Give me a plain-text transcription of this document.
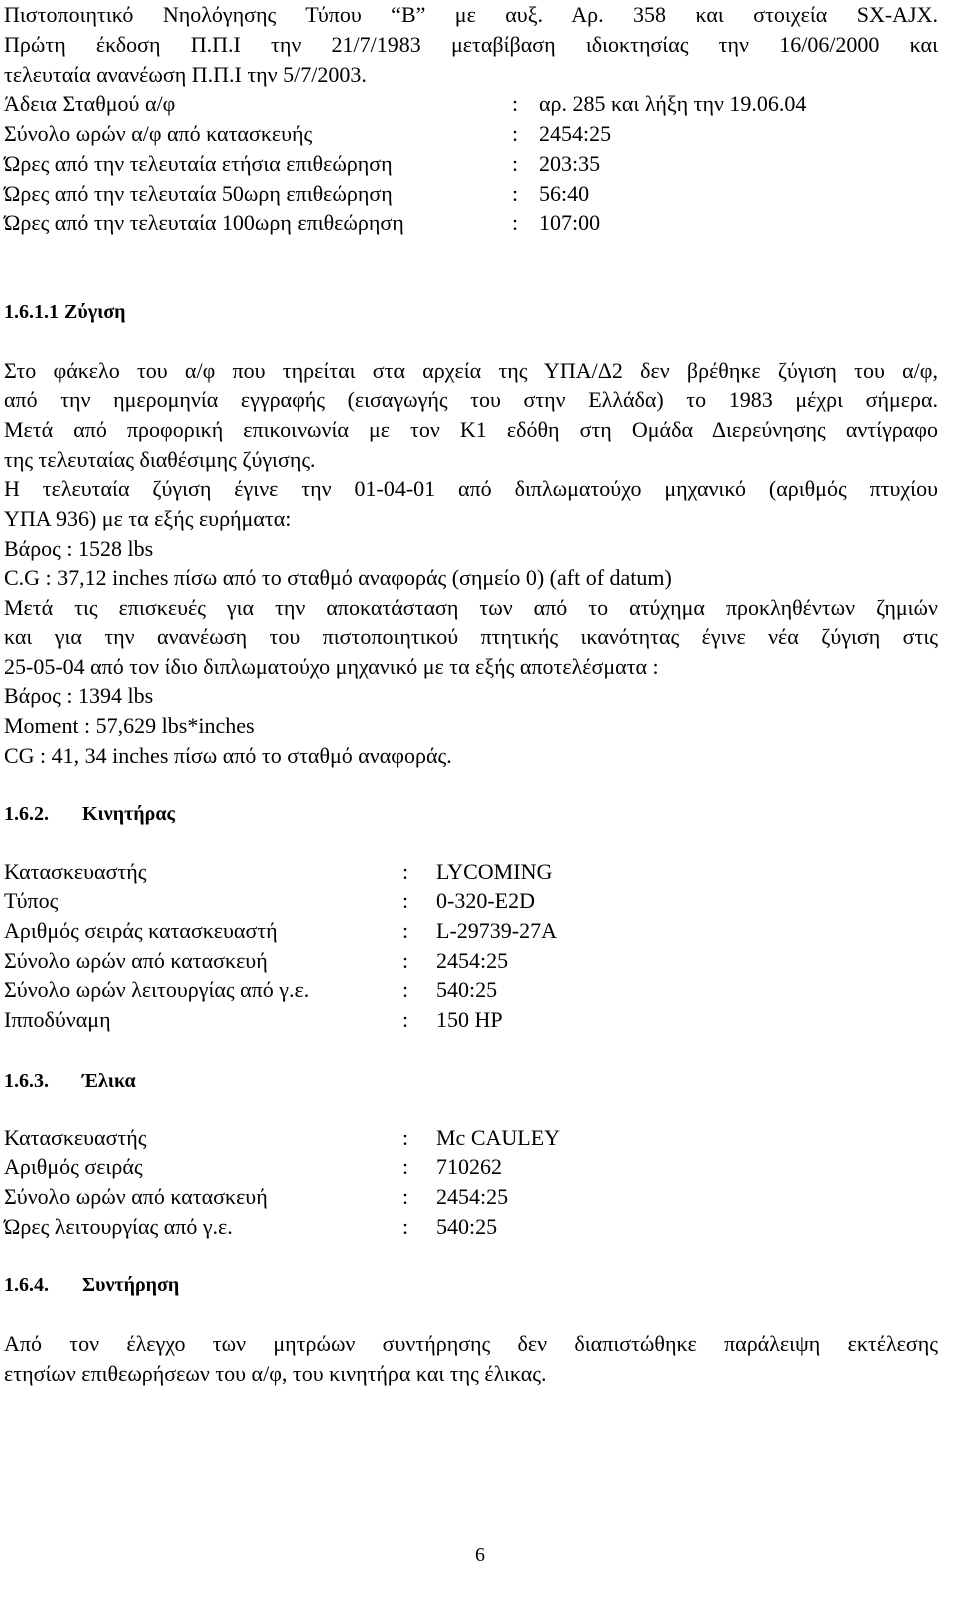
Πιστοποιητικό Νηολόγησης Τύπου “Β” με αυξ. Αρ. 358 και στοιχεία SX-AJX.
Πρώτη έκδοση Π.Π.Ι την 21/7/1983 μεταβίβαση ιδιοκτησίας την 16/06/2000 και
τελευταία ανανέωση Π.Π.Ι την 5/7/2003.
Άδεια Σταθμού α/φ	: αρ. 285 και λήξη την 19.06.04
Σύνολο ωρών α/φ από κατασκευής	: 2454:25
Ώρες από την τελευταία ετήσια επιθεώρηση	: 203:35
Ώρες από την τελευταία 50ωρη επιθεώρηση	: 56:40
Ώρες από την τελευταία 100ωρη επιθεώρηση	: 107:00
1.6.1.1 Ζύγιση
Στο φάκελο του α/φ που τηρείται στα αρχεία της ΥΠΑ/Δ2 δεν βρέθηκε ζύγιση του α/φ,
από την ημερομηνία εγγραφής (εισαγωγής του στην Ελλάδα) το 1983 μέχρι σήμερα.
Μετά από προφορική επικοινωνία με τον Κ1 εδόθη στη Ομάδα Διερεύνησης αντίγραφο
της τελευταίας διαθέσιμης ζύγισης.
Η τελευταία ζύγιση έγινε την 01-04-01 από διπλωματούχο μηχανικό (αριθμός πτυχίου
ΥΠΑ 936) με τα εξής ευρήματα:
Βάρος : 1528 lbs
C.G : 37,12 inches πίσω από το σταθμό αναφοράς (σημείο 0) (aft of datum)
Μετά τις επισκευές για την αποκατάσταση των από το ατύχημα προκληθέντων ζημιών
και για την ανανέωση του πιστοποιητικού πτητικής ικανότητας έγινε νέα ζύγιση στις
25-05-04 από τον ίδιο διπλωματούχο μηχανικό με τα εξής αποτελέσματα :
Βάρος : 1394 lbs
Moment : 57,629 lbs*inches
CG : 41, 34 inches πίσω από το σταθμό αναφοράς.
1.6.2. Κινητήρας
Κατασκευαστής	: LYCOMING
Τύπος	: 0-320-E2D
Αριθμός σειράς κατασκευαστή	: L-29739-27A
Σύνολο ωρών από κατασκευή	: 2454:25
Σύνολο ωρών λειτουργίας από γ.ε.	: 540:25
Ιπποδύναμη	: 150 HP
1.6.3. Έλικα
Κατασκευαστής	: Mc CAULEY
Αριθμός σειράς	: 710262
Σύνολο ωρών από κατασκευή	: 2454:25
Ώρες λειτουργίας από γ.ε.	: 540:25
1.6.4. Συντήρηση
Από τον έλεγχο των μητρώων συντήρησης δεν διαπιστώθηκε παράλειψη εκτέλεσης
ετησίων επιθεωρήσεων του α/φ, του κινητήρα και της έλικας.
6
